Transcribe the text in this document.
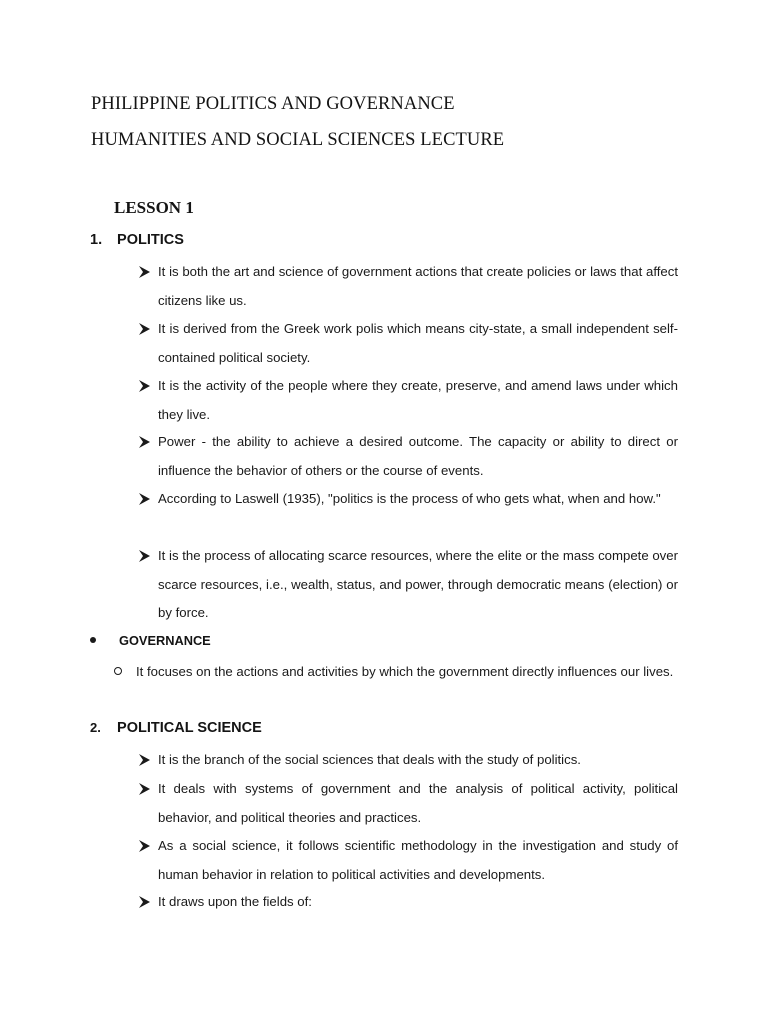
PHILIPPINE POLITICS AND GOVERNANCE
HUMANITIES AND SOCIAL SCIENCES LECTURE
LESSON 1
1. POLITICS
It is both the art and science of government actions that create policies or laws that affect citizens like us.
It is derived from the Greek work polis which means city-state, a small independent self-contained political society.
It is the activity of the people where they create, preserve, and amend laws under which they live.
Power - the ability to achieve a desired outcome. The capacity or ability to direct or influence the behavior of others or the course of events.
According to Laswell (1935), "politics is the process of who gets what, when and how."
It is the process of allocating scarce resources, where the elite or the mass compete over scarce resources, i.e., wealth, status, and power, through democratic means (election) or by force.
GOVERNANCE
It focuses on the actions and activities by which the government directly influences our lives.
2. POLITICAL SCIENCE
It is the branch of the social sciences that deals with the study of politics.
It deals with systems of government and the analysis of political activity, political behavior, and political theories and practices.
As a social science, it follows scientific methodology in the investigation and study of human behavior in relation to political activities and developments.
It draws upon the fields of:
